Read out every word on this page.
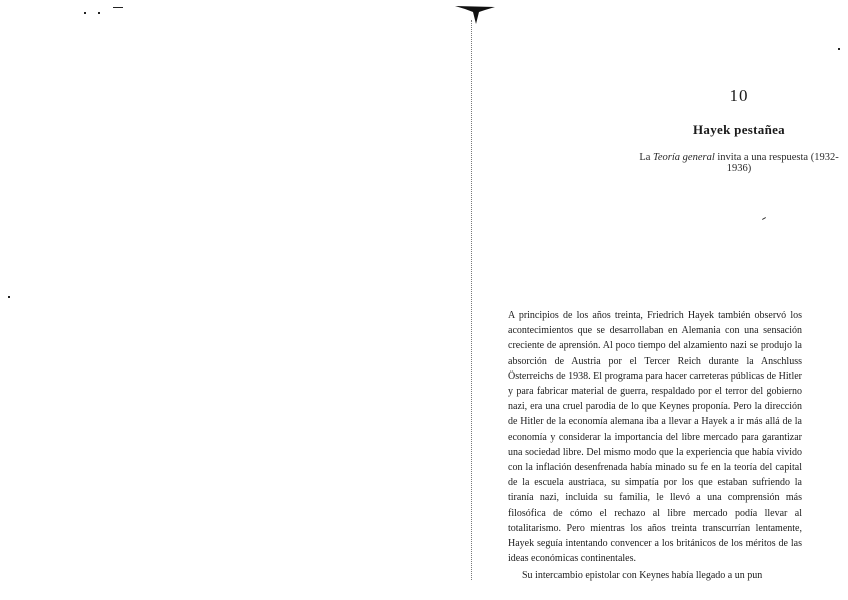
10
Hayek pestañea
La Teoría general invita a una respuesta (1932-1936)

A principios de los años treinta, Friedrich Hayek también observó los acontecimientos que se desarrollaban en Alemania con una sensación creciente de aprensión. Al poco tiempo del alzamiento nazi se produjo la absorción de Austria por el Tercer Reich durante la Anschluss Österreichs de 1938. El programa para hacer carreteras públicas de Hitler y para fabricar material de guerra, respaldado por el terror del gobierno nazi, era una cruel parodia de lo que Keynes proponía. Pero la dirección de Hitler de la economía alemana iba a llevar a Hayek a ir más allá de la economía y considerar la importancia del libre mercado para garantizar una sociedad libre. Del mismo modo que la experiencia que había vivido con la inflación desenfrenada había minado su fe en la teoría del capital de la escuela austriaca, su simpatía por los que estaban sufriendo la tiranía nazi, incluida su familia, le llevó a una comprensión más filosófica de cómo el rechazo al libre mercado podía llevar al totalitarismo. Pero mientras los años treinta transcurrían lentamente, Hayek seguía intentando convencer a los británicos de los méritos de las ideas económicas continentales.

Su intercambio epistolar con Keynes había llegado a un pun
